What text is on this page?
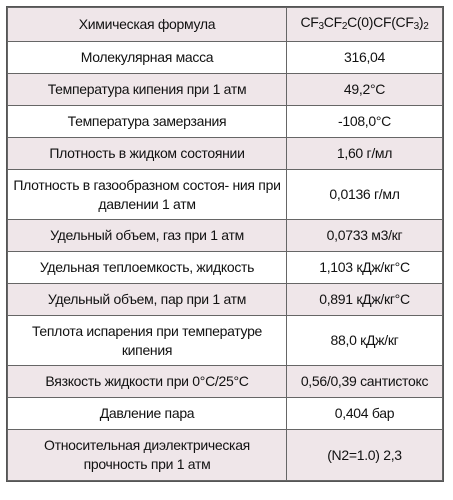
Химическая формула	$CF_3CF_2C(0)CF(CF_3)_2$
Молекулярная масса	316,04
Температура кипения при 1 атм	49,2°С
Температура замерзания	-108,0°С
Плотность в жидком состоянии	1,60 г/мл
Плотность в газообразном состоя- ния при давлении 1 атм	0,0136 г/мл
Удельный объем, газ при 1 атм	0,0733 м3/кг
Удельная теплоемкость, жидкость	1,103 кДж/кг°С
Удельный объем, пар при 1 атм	0,891 кДж/кг°С
Теплота испарения при температуре кипения	88,0 кДж/кг
Вязкость жидкости при 0°С/25°С	0,56/0,39 сантистокс
Давление пара	0,404 бар
Относительная диэлектрическая прочность при 1 атм	(N2=1.0) 2,3
